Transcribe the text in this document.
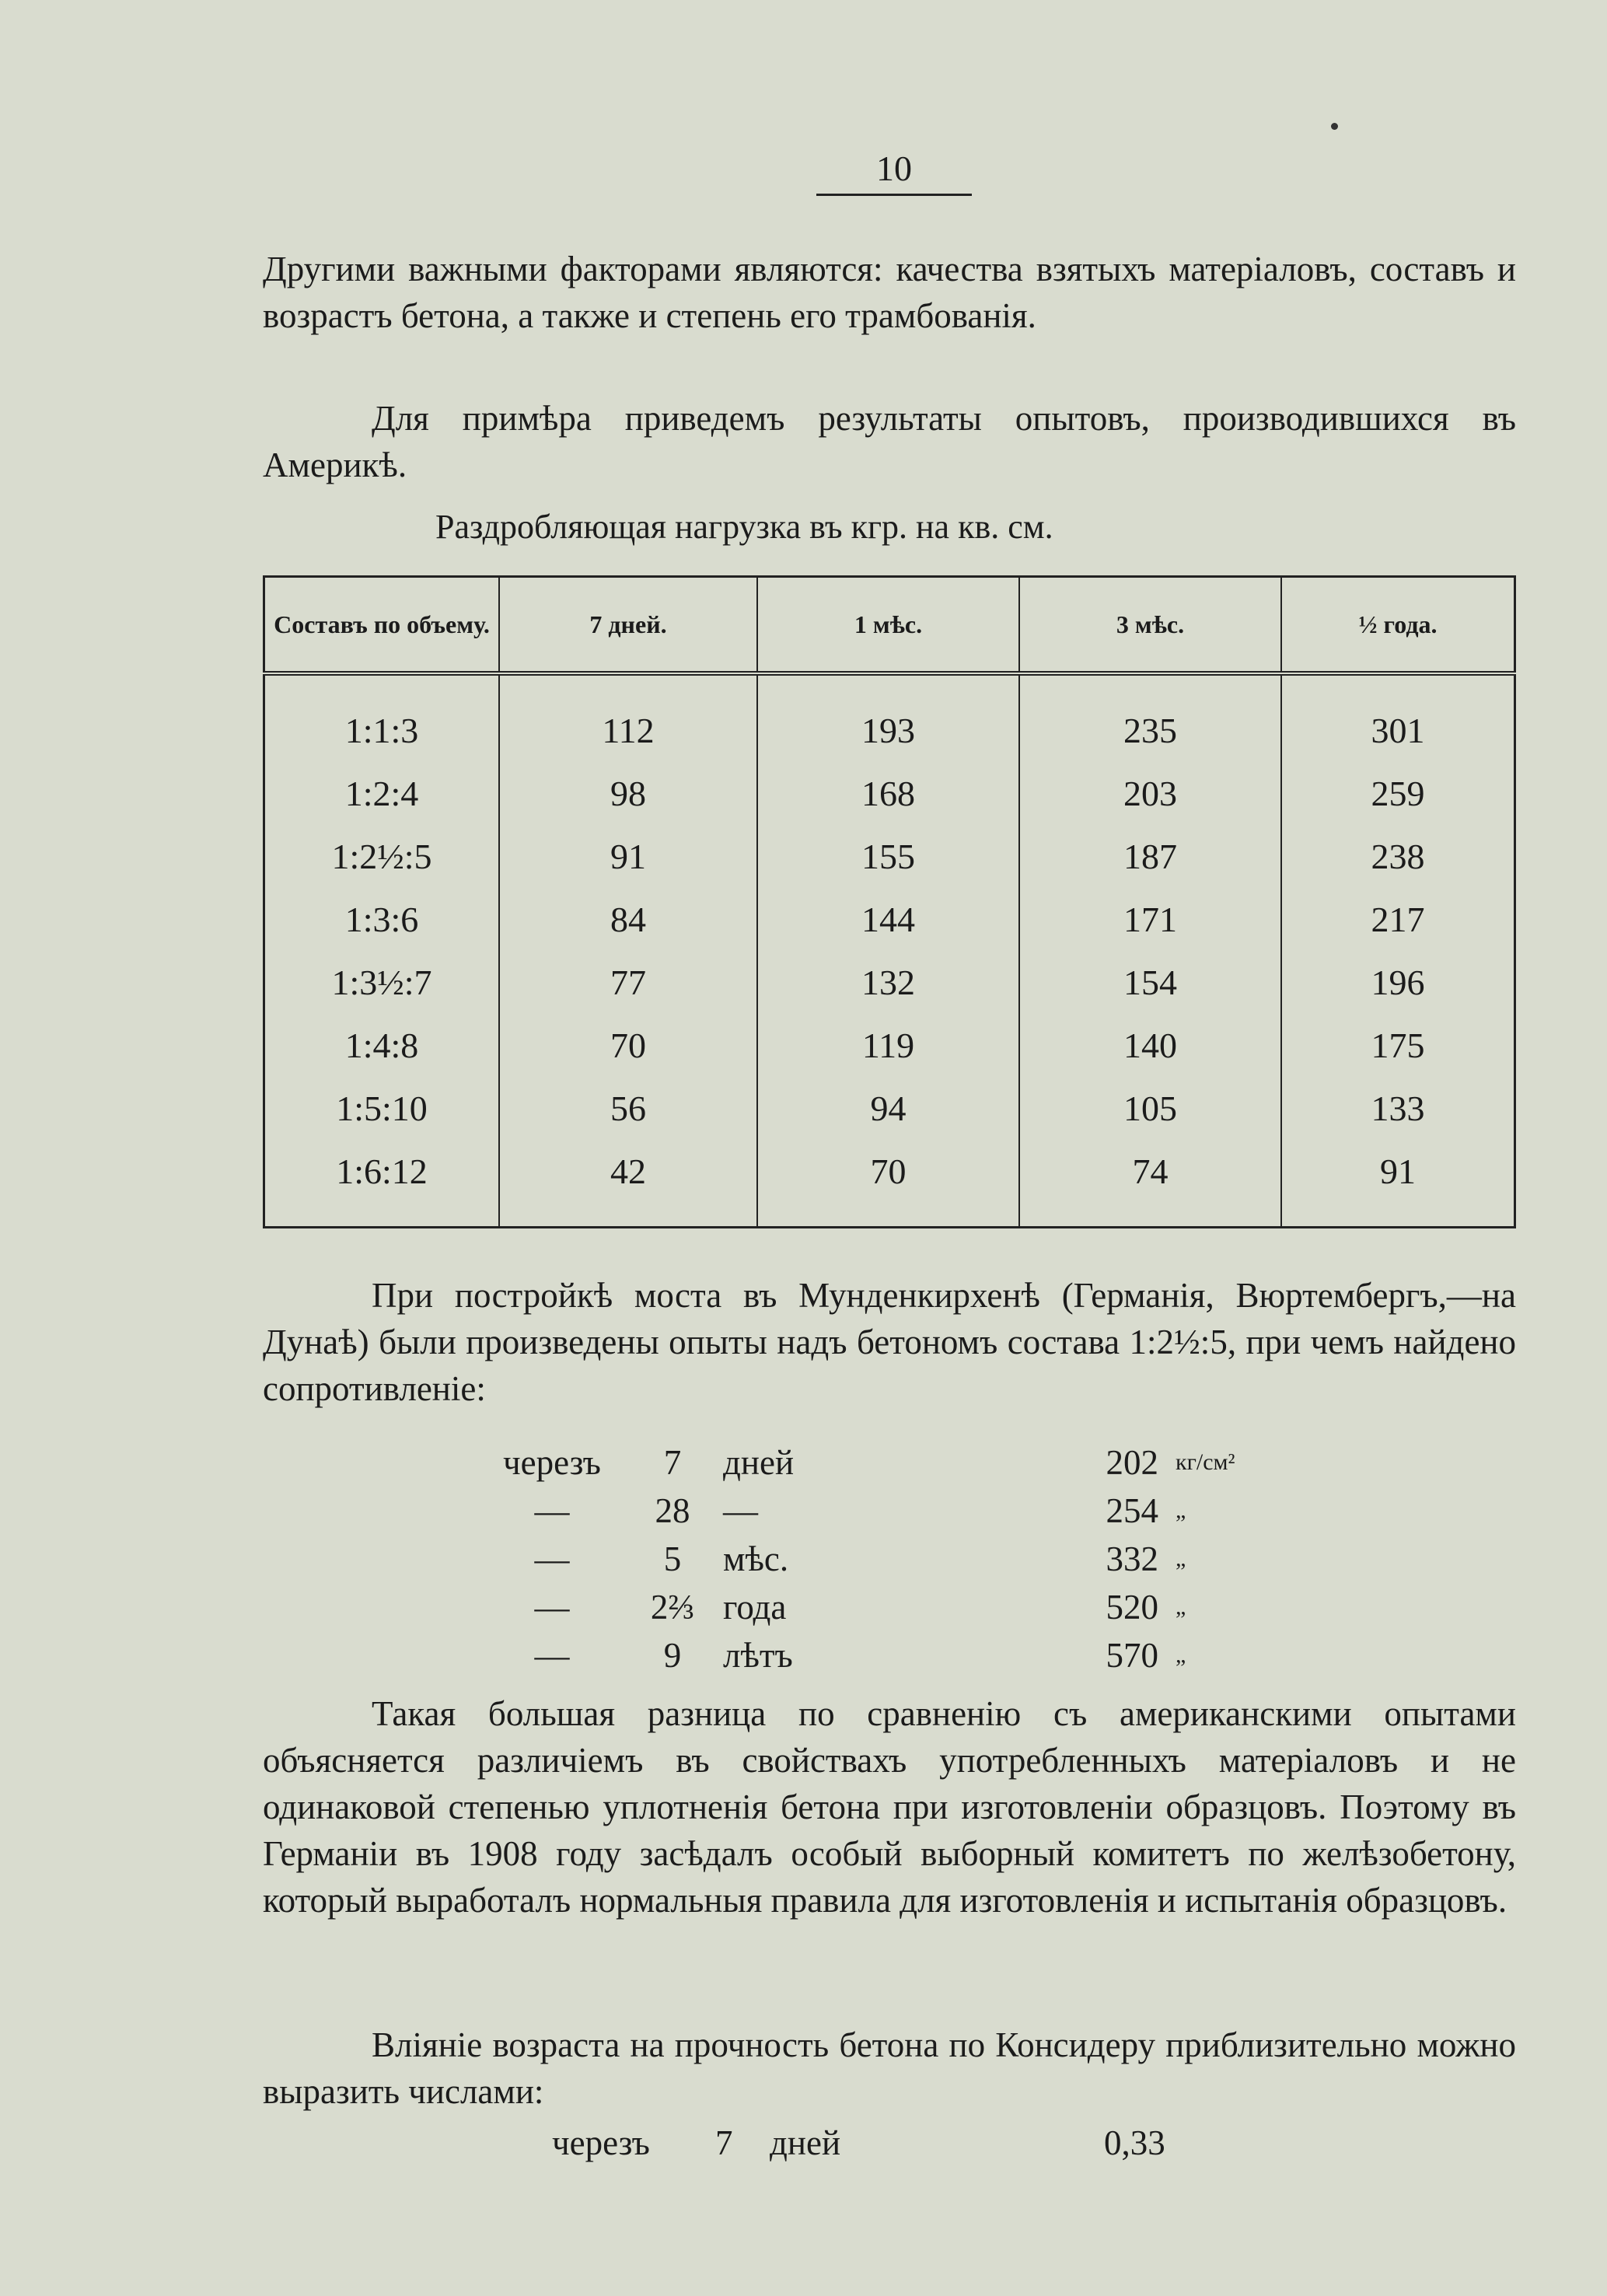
10

Другими важными факторами являются: качества взятыхъ матеріаловъ, составъ и возрастъ бетона, а также и степень его трамбованія.

Для примѣра приведемъ результаты опытовъ, производившихся въ Америкѣ.

Раздробляющая нагрузка въ кгр. на кв. см.
Составъ по объему.	7 дней.	1 мѣс.	3 мѣс.	½ года.
1:1:3	112	193	235	301
1:2:4	98	168	203	259
1:2½:5	91	155	187	238
1:3:6	84	144	171	217
1:3½:7	77	132	154	196
1:4:8	70	119	140	175
1:5:10	56	94	105	133
1:6:12	42	70	74	91

При постройкѣ моста въ Мунденкирхенѣ (Германія, Вюртембергъ,—на Дунаѣ) были произведены опыты надъ бетономъ состава 1:2½:5, при чемъ найдено сопротивленіе:

черезъ	7	дней	202	кг/см²
—	28	—	254	„
—	5	мѣс.	332	„
—	2⅔	года	520	„
—	9	лѣтъ	570	„

Такая большая разница по сравненію съ американскими опытами объясняется различіемъ въ свойствахъ употребленныхъ матеріаловъ и не одинаковой степенью уплотненія бетона при изготовленіи образцовъ. Поэтому въ Германіи въ 1908 году засѣдалъ особый выборный комитетъ по желѣзобетону, который выработалъ нормальныя правила для изготовленія и испытанія образцовъ.

Вліяніе возраста на прочность бетона по Консидеру приблизительно можно выразить числами:

черезъ 7 дней	0,33
